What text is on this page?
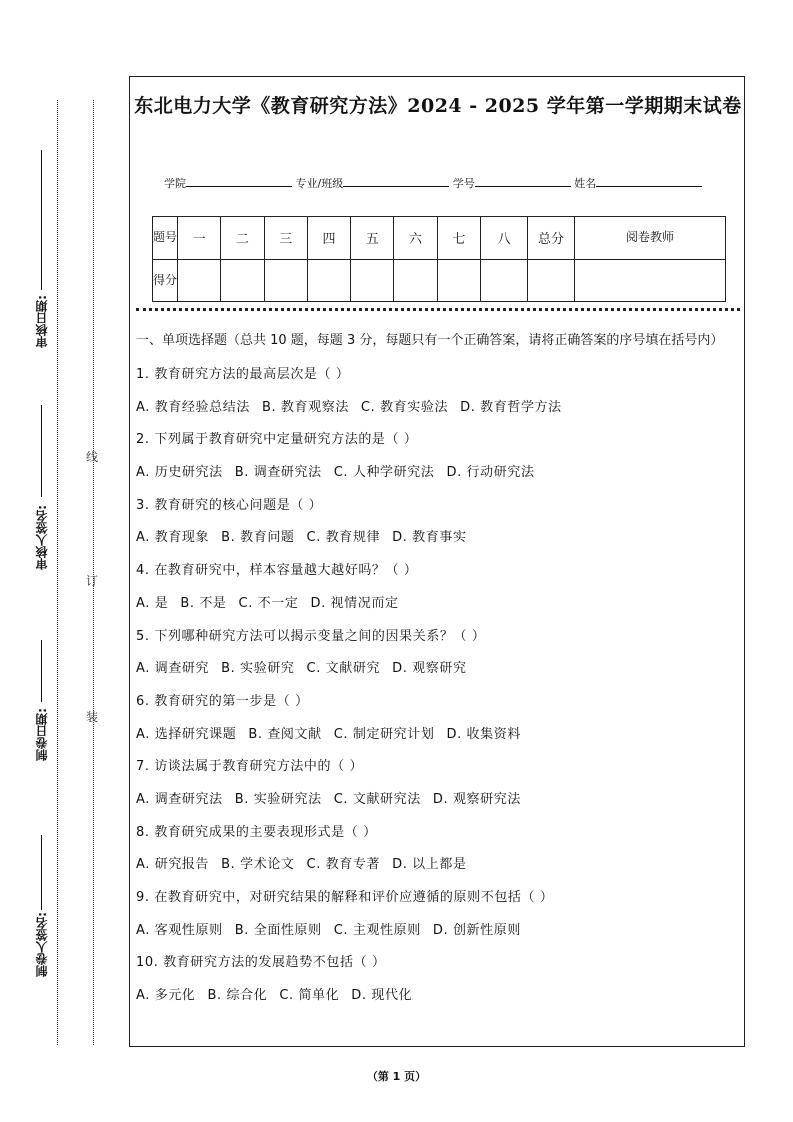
审核日期:
审核人签名:
制卷日期:
制卷人签名:
线
订
装
东北电力大学《教育研究方法》2024 - 2025 学年第一学期期末试卷
学院	专业/班级	学号	姓名
题号	一	二	三	四	五	六	七	八	总分	阅卷教师
得分										
一、单项选择题（总共 10 题，每题 3 分，每题只有一个正确答案，请将正确答案的序号填在括号内）
1. 教育研究方法的最高层次是（ ）
A. 教育经验总结法 B. 教育观察法 C. 教育实验法 D. 教育哲学方法
2. 下列属于教育研究中定量研究方法的是（ ）
A. 历史研究法 B. 调查研究法 C. 人种学研究法 D. 行动研究法
3. 教育研究的核心问题是（ ）
A. 教育现象 B. 教育问题 C. 教育规律 D. 教育事实
4. 在教育研究中，样本容量越大越好吗？（ ）
A. 是 B. 不是 C. 不一定 D. 视情况而定
5. 下列哪种研究方法可以揭示变量之间的因果关系？（ ）
A. 调查研究 B. 实验研究 C. 文献研究 D. 观察研究
6. 教育研究的第一步是（ ）
A. 选择研究课题 B. 查阅文献 C. 制定研究计划 D. 收集资料
7. 访谈法属于教育研究方法中的（ ）
A. 调查研究法 B. 实验研究法 C. 文献研究法 D. 观察研究法
8. 教育研究成果的主要表现形式是（ ）
A. 研究报告 B. 学术论文 C. 教育专著 D. 以上都是
9. 在教育研究中，对研究结果的解释和评价应遵循的原则不包括（ ）
A. 客观性原则 B. 全面性原则 C. 主观性原则 D. 创新性原则
10. 教育研究方法的发展趋势不包括（ ）
A. 多元化 B. 综合化 C. 简单化 D. 现代化
（第 1 页）
